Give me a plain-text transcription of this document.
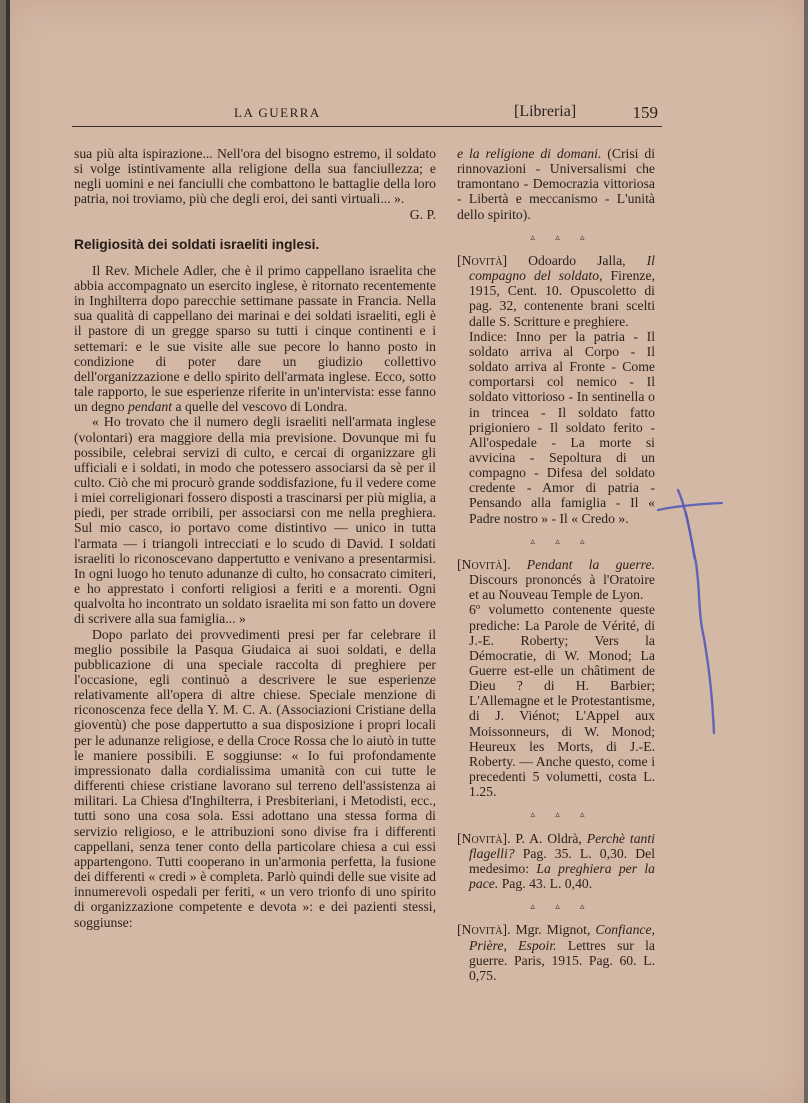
LA GUERRA	[Libreria]	159

sua più alta ispirazione... Nell'ora del bisogno estremo, il soldato si volge istintivamente alla religione della sua fanciullezza; e negli uomini e nei fanciulli che combattono le battaglie della loro patria, noi troviamo, più che degli eroi, dei santi virtuali... ».

G. P.

Religiosità dei soldati israeliti inglesi.

Il Rev. Michele Adler, che è il primo cappellano israelita che abbia accompagnato un esercito inglese, è ritornato recentemente in Inghilterra dopo parecchie settimane passate in Francia. Nella sua qualità di cappellano dei marinai e dei soldati israeliti, egli è il pastore di un gregge sparso su tutti i cinque continenti e i settemari: e le sue visite alle sue pecore lo hanno posto in condizione di poter dare un giudizio collettivo dell'organizzazione e dello spirito dell'armata inglese. Ecco, sotto tale rapporto, le sue esperienze riferite in un'intervista: esse fanno un degno pendant a quelle del vescovo di Londra.

« Ho trovato che il numero degli israeliti nell'armata inglese (volontari) era maggiore della mia previsione. Dovunque mi fu possibile, celebrai servizi di culto, e cercai di organizzare gli ufficiali e i soldati, in modo che potessero associarsi da sè per il culto. Ciò che mi procurò grande soddisfazione, fu il vedere come i miei correligionari fossero disposti a trascinarsi per più miglia, a piedi, per strade orribili, per associarsi con me nella preghiera. Sul mio casco, io portavo come distintivo — unico in tutta l'armata — i triangoli intrecciati e lo scudo di David. I soldati israeliti lo riconoscevano dappertutto e venivano a presentarmisi. In ogni luogo ho tenuto adunanze di culto, ho consacrato cimiteri, e ho apprestato i conforti religiosi a feriti e a morenti. Ogni qualvolta ho incontrato un soldato israelita mi son fatto un dovere di scrivere alla sua famiglia... »

Dopo parlato dei provvedimenti presi per far celebrare il meglio possibile la Pasqua Giudaica ai suoi soldati, e della pubblicazione di una speciale raccolta di preghiere per l'occasione, egli continuò a descrivere le sue esperienze relativamente all'opera di altre chiese. Speciale menzione di riconoscenza fece della Y. M. C. A. (Associazioni Cristiane della gioventù) che pose dappertutto a sua disposizione i propri locali per le adunanze religiose, e della Croce Rossa che lo aiutò in tutte le maniere possibili. E soggiunse: « Io fui profondamente impressionato dalla cordialissima umanità con cui tutte le differenti chiese cristiane lavorano sul terreno dell'assistenza ai militari. La Chiesa d'Inghilterra, i Presbiteriani, i Metodisti, ecc., tutti sono una cosa sola. Essi adottano una stessa forma di servizio religioso, e le attribuzioni sono divise fra i differenti cappellani, senza tener conto della particolare chiesa a cui essi appartengono. Tutti cooperano in un'armonia perfetta, la fusione dei differenti « credi » è completa. Parlò quindi delle sue visite ad innumerevoli ospedali per feriti, « un vero trionfo di uno spirito di organizzazione competente e devota »: e dei pazienti stessi, soggiunse:

e la religione di domani. (Crisi di rinnovazioni - Universalismi che tramontano - Democrazia vittoriosa - Libertà e meccanismo - L'unità dello spirito).

▵ ▵ ▵

[Novità] Odoardo Jalla, Il compagno del soldato, Firenze, 1915, Cent. 10. Opuscoletto di pag. 32, contenente brani scelti dalle S. Scritture e preghiere.

Indice: Inno per la patria - Il soldato arriva al Corpo - Il soldato arriva al Fronte - Come comportarsi col nemico - Il soldato vittorioso - In sentinella o in trincea - Il soldato fatto prigioniero - Il soldato ferito - All'ospedale - La morte si avvicina - Sepoltura di un compagno - Difesa del soldato credente - Amor di patria - Pensando alla famiglia - Il « Padre nostro » - Il « Credo ».

▵ ▵ ▵

[Novità]. Pendant la guerre. Discours prononcés à l'Oratoire et au Nouveau Temple de Lyon.

6º volumetto contenente queste prediche: La Parole de Vérité, di J.-E. Roberty; Vers la Démocratie, di W. Monod; La Guerre est-elle un châtiment de Dieu ? di H. Barbier; L'Allemagne et le Protestantisme, di J. Viénot; L'Appel aux Moissonneurs, di W. Monod; Heureux les Morts, di J.-E. Roberty. — Anche questo, come i precedenti 5 volumetti, costa L. 1.25.

▵ ▵ ▵

[Novità]. P. A. Oldrà, Perchè tanti flagelli? Pag. 35. L. 0,30. Del medesimo: La preghiera per la pace. Pag. 43. L. 0,40.

▵ ▵ ▵

[Novità]. Mgr. Mignot, Confiance, Prière, Espoir. Lettres sur la guerre. Paris, 1915. Pag. 60. L. 0,75.
